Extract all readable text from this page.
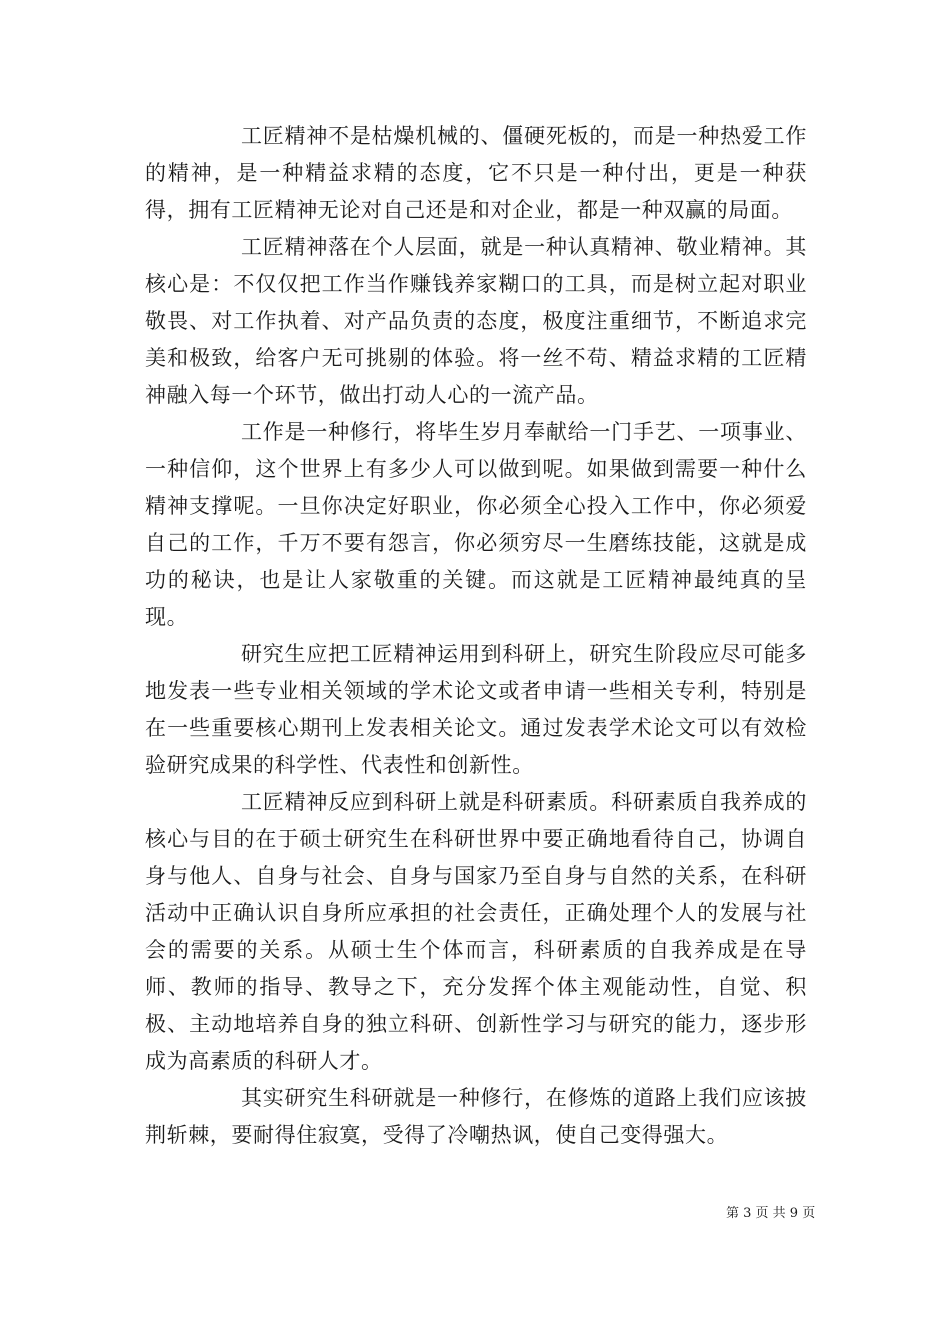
工匠精神不是枯燥机械的、僵硬死板的，而是一种热爱工作的精神，是一种精益求精的态度，它不只是一种付出，更是一种获得，拥有工匠精神无论对自己还是和对企业，都是一种双赢的局面。

工匠精神落在个人层面，就是一种认真精神、敬业精神。其核心是：不仅仅把工作当作赚钱养家糊口的工具，而是树立起对职业敬畏、对工作执着、对产品负责的态度，极度注重细节，不断追求完美和极致，给客户无可挑剔的体验。将一丝不苟、精益求精的工匠精神融入每一个环节，做出打动人心的一流产品。

工作是一种修行，将毕生岁月奉献给一门手艺、一项事业、一种信仰，这个世界上有多少人可以做到呢。如果做到需要一种什么精神支撑呢。一旦你决定好职业，你必须全心投入工作中，你必须爱自己的工作，千万不要有怨言，你必须穷尽一生磨练技能，这就是成功的秘诀，也是让人家敬重的关键。而这就是工匠精神最纯真的呈现。

研究生应把工匠精神运用到科研上，研究生阶段应尽可能多地发表一些专业相关领域的学术论文或者申请一些相关专利，特别是在一些重要核心期刊上发表相关论文。通过发表学术论文可以有效检验研究成果的科学性、代表性和创新性。

工匠精神反应到科研上就是科研素质。科研素质自我养成的核心与目的在于硕士研究生在科研世界中要正确地看待自己，协调自身与他人、自身与社会、自身与国家乃至自身与自然的关系，在科研活动中正确认识自身所应承担的社会责任，正确处理个人的发展与社会的需要的关系。从硕士生个体而言，科研素质的自我养成是在导师、教师的指导、教导之下，充分发挥个体主观能动性，自觉、积极、主动地培养自身的独立科研、创新性学习与研究的能力，逐步形成为高素质的科研人才。

其实研究生科研就是一种修行，在修炼的道路上我们应该披荆斩棘，要耐得住寂寞，受得了冷嘲热讽，使自己变得强大。

第 3 页 共 9 页
